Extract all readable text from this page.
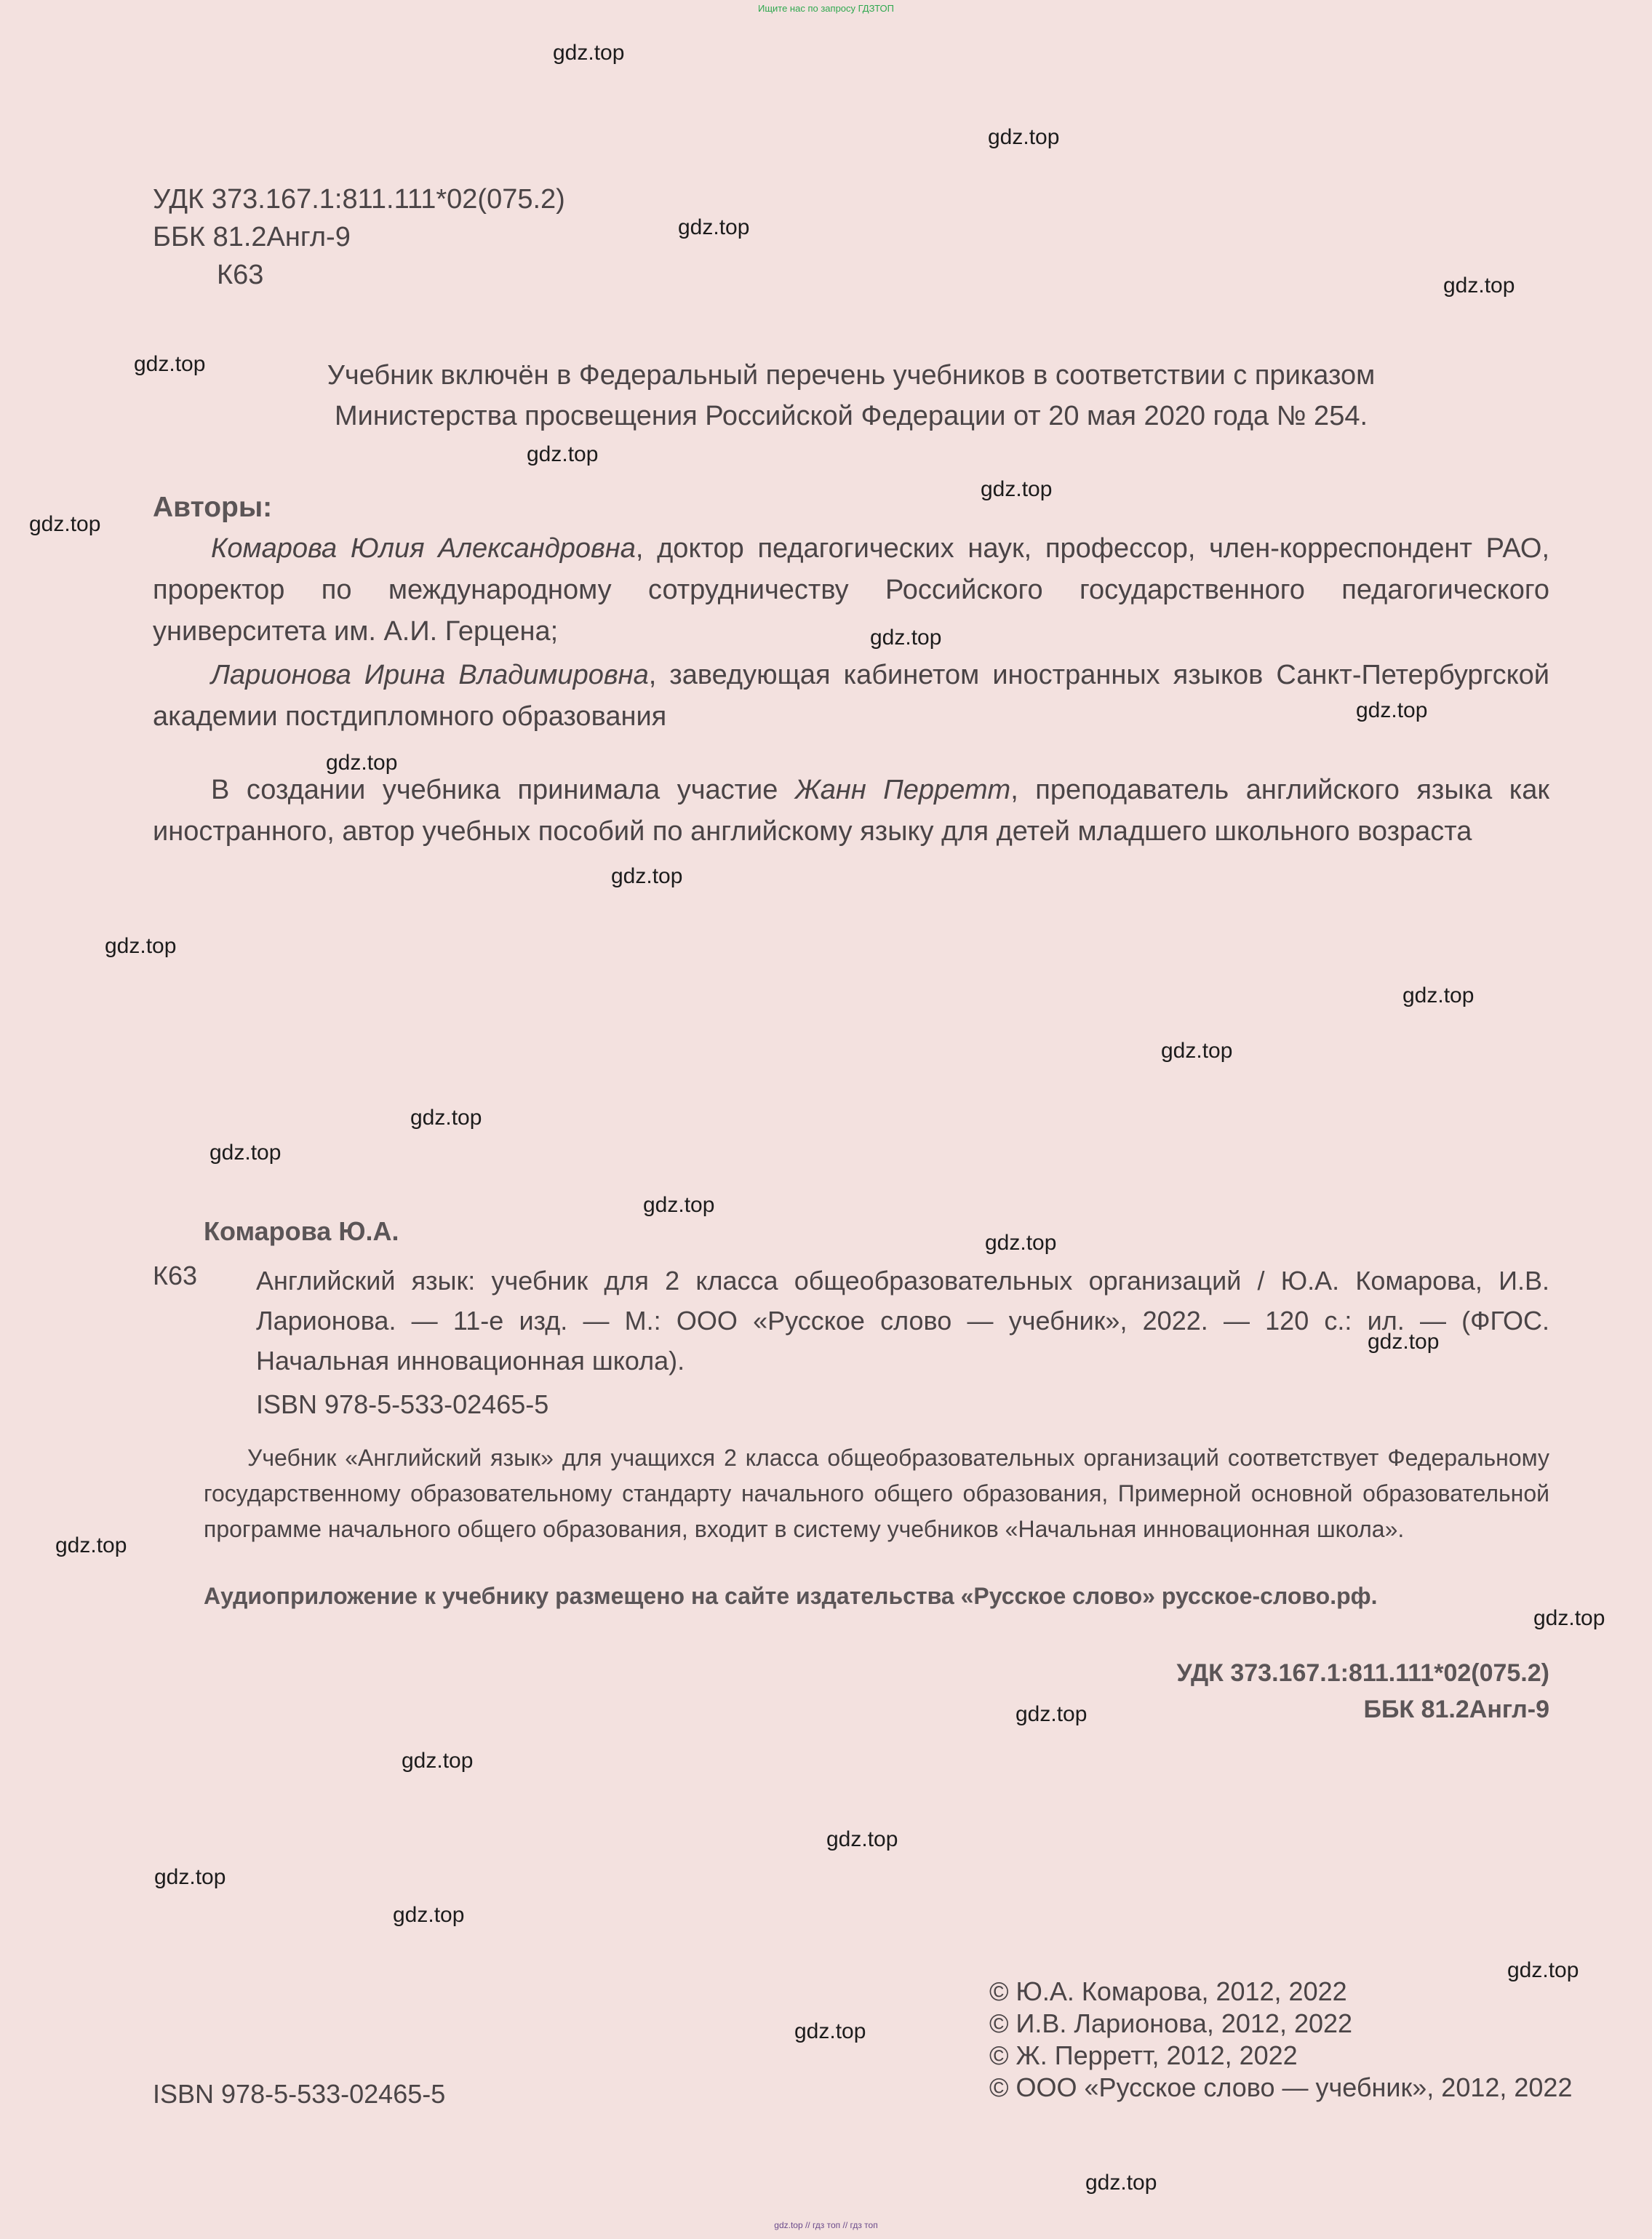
Ищите нас по запросу ГДЗТОП
УДК 373.167.1:811.111*02(075.2)
ББК 81.2Англ-9
К63
Учебник включён в Федеральный перечень учебников в соответствии с приказом
Министерства просвещения Российской Федерации от 20 мая 2020 года № 254.
Авторы:
Комарова Юлия Александровна, доктор педагогических наук, профессор, член-корреспондент РАО, проректор по международному сотрудничеству Российского государственного педагогического университета им. А.И. Герцена;
Ларионова Ирина Владимировна, заведующая кабинетом иностранных языков Санкт-Петербургской академии постдипломного образования
В создании учебника принимала участие Жанн Перретт, преподаватель английского языка как иностранного, автор учебных пособий по английскому языку для детей младшего школьного возраста
Комарова Ю.А.
К63 Английский язык: учебник для 2 класса общеобразовательных организаций / Ю.А. Комарова, И.В. Ларионова. — 11-е изд. — М.: ООО «Русское слово — учебник», 2022. — 120 с.: ил. — (ФГОС. Начальная инновационная школа).
ISBN 978-5-533-02465-5
Учебник «Английский язык» для учащихся 2 класса общеобразовательных организаций соответствует Федеральному государственному образовательному стандарту начального общего образования, Примерной основной образовательной программе начального общего образования, входит в систему учебников «Начальная инновационная школа».
Аудиоприложение к учебнику размещено на сайте издательства «Русское слово» русское-слово.рф.
УДК 373.167.1:811.111*02(075.2)
ББК 81.2Англ-9
© Ю.А. Комарова, 2012, 2022
© И.В. Ларионова, 2012, 2022
© Ж. Перретт, 2012, 2022
© ООО «Русское слово — учебник», 2012, 2022
ISBN 978-5-533-02465-5
gdz.top
gdz.top
gdz.top
gdz.top
gdz.top
gdz.top
gdz.top
gdz.top
gdz.top
gdz.top
gdz.top
gdz.top
gdz.top
gdz.top
gdz.top
gdz.top
gdz.top
gdz.top
gdz.top
gdz.top
gdz.top
gdz.top
gdz.top
gdz.top
gdz.top
gdz.top
gdz.top
gdz.top
gdz.top
gdz.top
gdz.top // гдз топ // гдз топ
